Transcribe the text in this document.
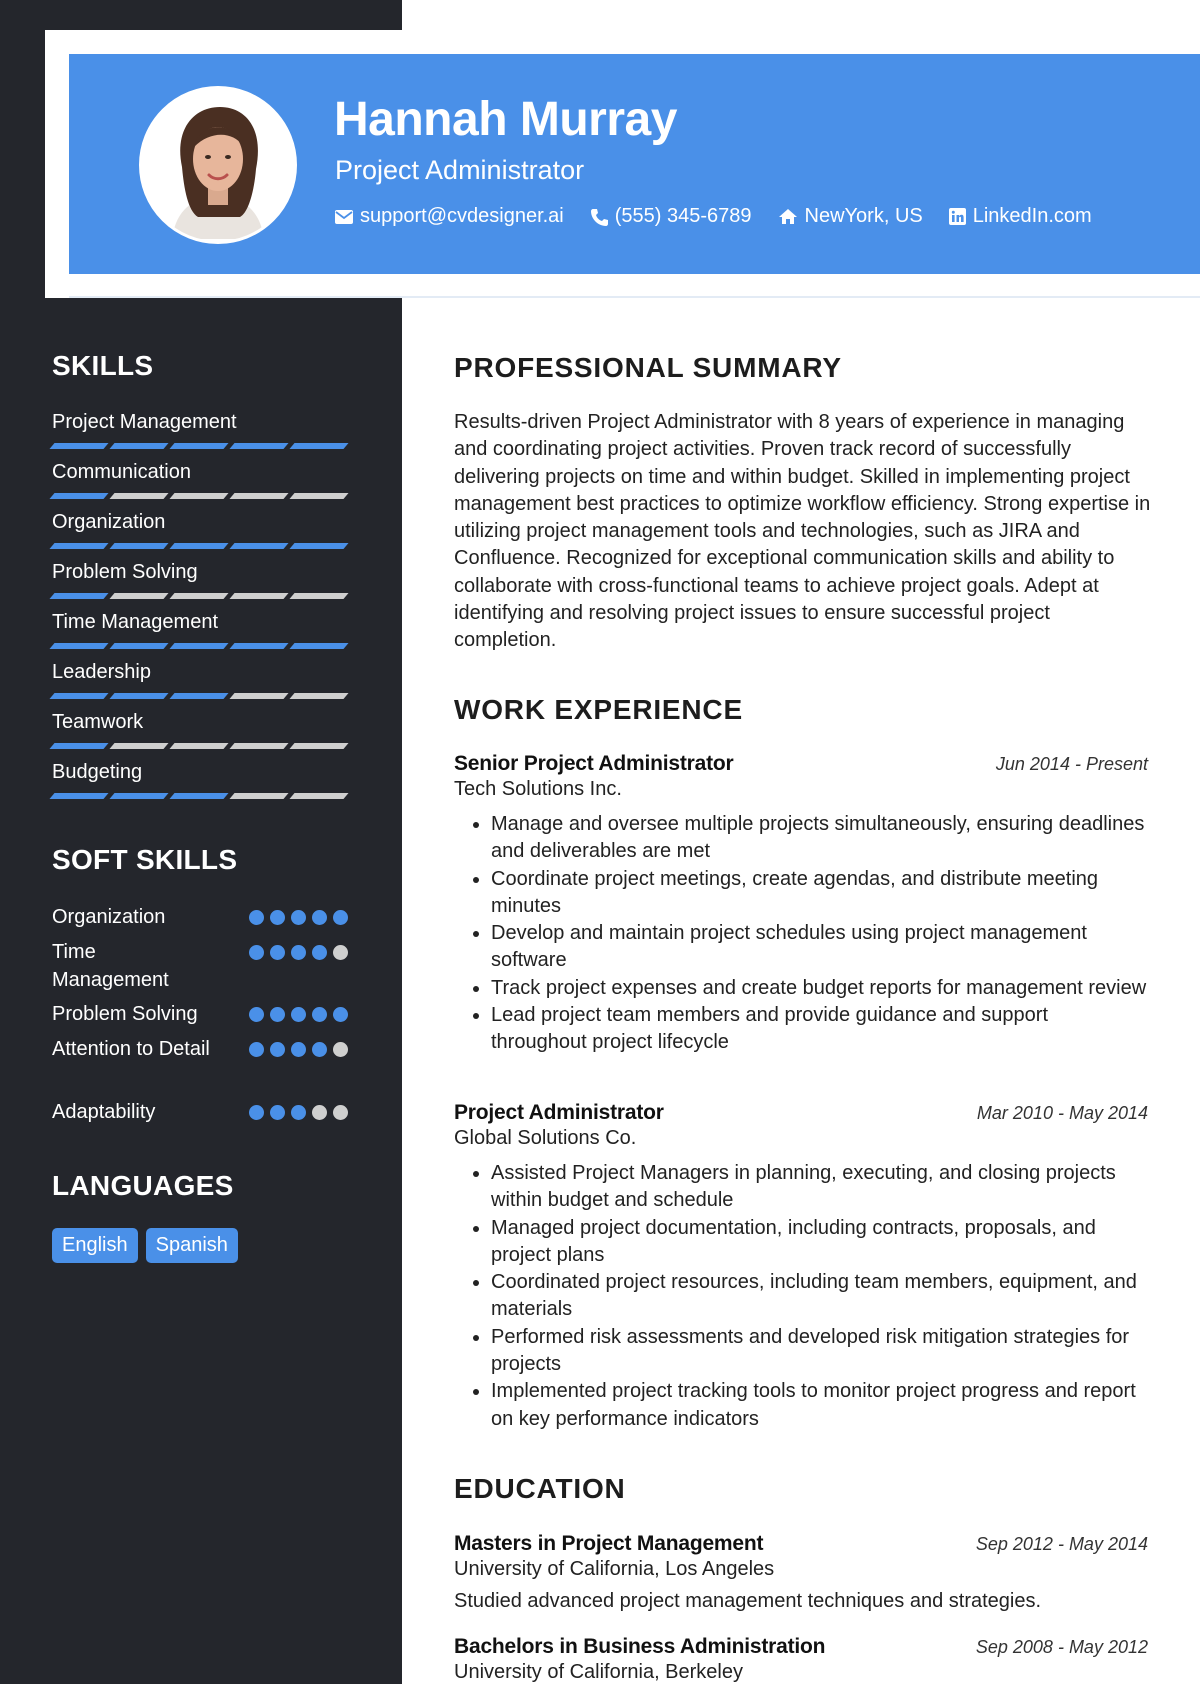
Hannah Murray
Project Administrator
support@cvdesigner.ai	(555) 345-6789	NewYork, US	LinkedIn.com
SKILLS
Project Management
Communication
Organization
Problem Solving
Time Management
Leadership
Teamwork
Budgeting
SOFT SKILLS
Organization
Time Management
Problem Solving
Attention to Detail
Adaptability
LANGUAGES
English	Spanish
PROFESSIONAL SUMMARY
Results-driven Project Administrator with 8 years of experience in managing and coordinating project activities. Proven track record of successfully delivering projects on time and within budget. Skilled in implementing project management best practices to optimize workflow efficiency. Strong expertise in utilizing project management tools and technologies, such as JIRA and Confluence. Recognized for exceptional communication skills and ability to collaborate with cross-functional teams to achieve project goals. Adept at identifying and resolving project issues to ensure successful project completion.
WORK EXPERIENCE
Senior Project Administrator	Jun 2014 - Present
Tech Solutions Inc.
• Manage and oversee multiple projects simultaneously, ensuring deadlines and deliverables are met
• Coordinate project meetings, create agendas, and distribute meeting minutes
• Develop and maintain project schedules using project management software
• Track project expenses and create budget reports for management review
• Lead project team members and provide guidance and support throughout project lifecycle
Project Administrator	Mar 2010 - May 2014
Global Solutions Co.
• Assisted Project Managers in planning, executing, and closing projects within budget and schedule
• Managed project documentation, including contracts, proposals, and project plans
• Coordinated project resources, including team members, equipment, and materials
• Performed risk assessments and developed risk mitigation strategies for projects
• Implemented project tracking tools to monitor project progress and report on key performance indicators
EDUCATION
Masters in Project Management	Sep 2012 - May 2014
University of California, Los Angeles
Studied advanced project management techniques and strategies.
Bachelors in Business Administration	Sep 2008 - May 2012
University of California, Berkeley
